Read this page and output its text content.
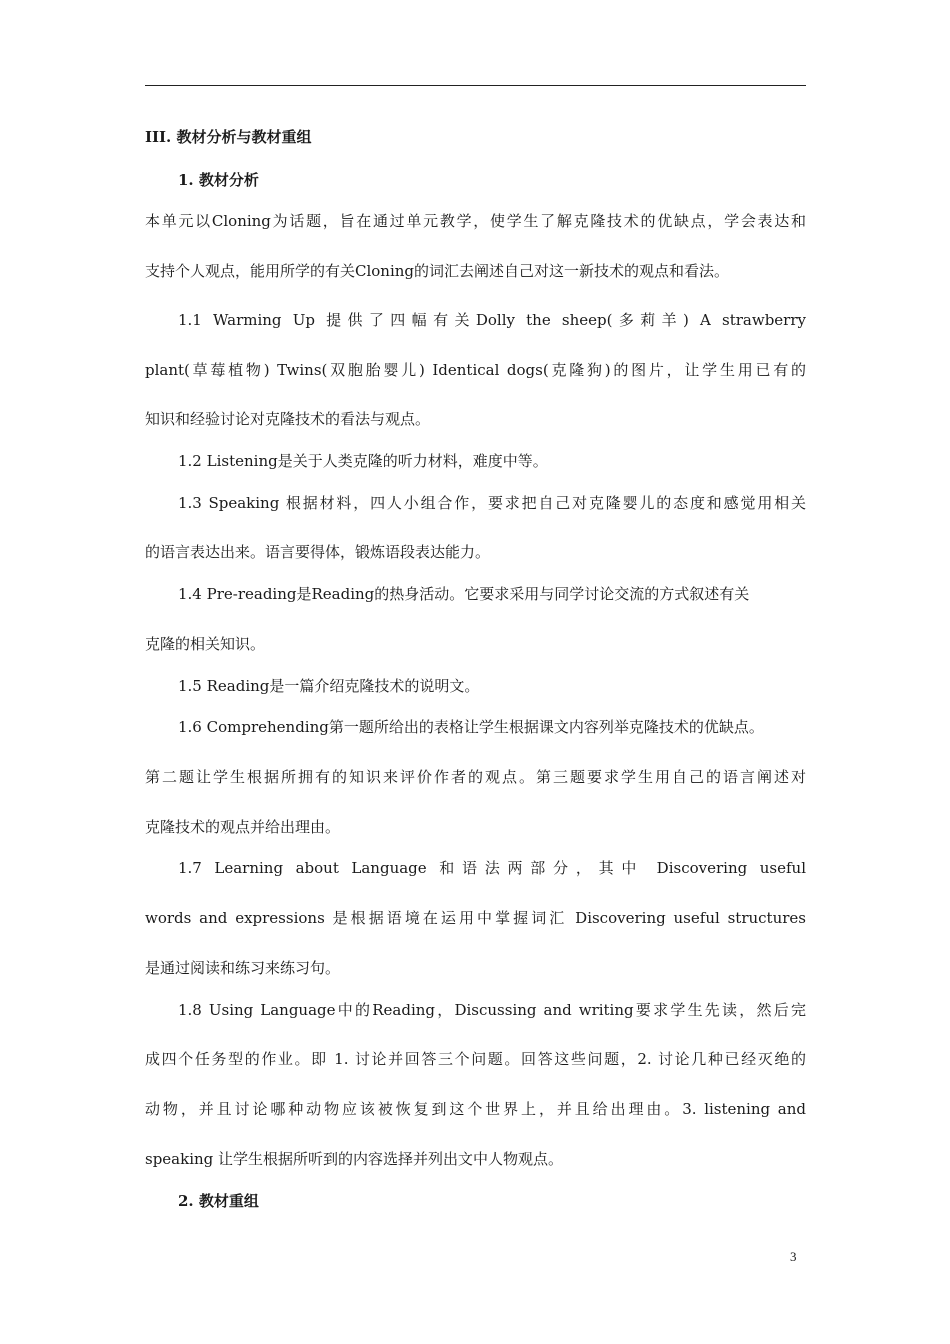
III. 教材分析与教材重组
1. 教材分析
本单元以Cloning为话题，旨在通过单元教学，使学生了解克隆技术的优缺点，学会表达和
支持个人观点，能用所学的有关Cloning的词汇去阐述自己对这一新技术的观点和看法。
1.1 Warming Up 提供了四幅有关Dolly the sheep(多莉羊) A strawberry
plant(草莓植物) Twins(双胞胎婴儿) Identical dogs(克隆狗)的图片，让学生用已有的
知识和经验讨论对克隆技术的看法与观点。
1.2 Listening是关于人类克隆的听力材料，难度中等。
1.3 Speaking 根据材料，四人小组合作，要求把自己对克隆婴儿的态度和感觉用相关
的语言表达出来。语言要得体，锻炼语段表达能力。
1.4 Pre-reading是Reading的热身活动。它要求采用与同学讨论交流的方式叙述有关
克隆的相关知识。
1.5 Reading是一篇介绍克隆技术的说明文。
1.6 Comprehending第一题所给出的表格让学生根据课文内容列举克隆技术的优缺点。
第二题让学生根据所拥有的知识来评价作者的观点。第三题要求学生用自己的语言阐述对
克隆技术的观点并给出理由。
1.7 Learning about Language 和语法两部分，其中 Discovering useful
words and expressions 是根据语境在运用中掌握词汇 Discovering useful structures
是通过阅读和练习来练习句。
1.8 Using Language中的Reading，Discussing and writing要求学生先读，然后完
成四个任务型的作业。即 1. 讨论并回答三个问题。回答这些问题，2. 讨论几种已经灭绝的
动物，并且讨论哪种动物应该被恢复到这个世界上，并且给出理由。3. listening and
speaking 让学生根据所听到的内容选择并列出文中人物观点。
2. 教材重组
3
